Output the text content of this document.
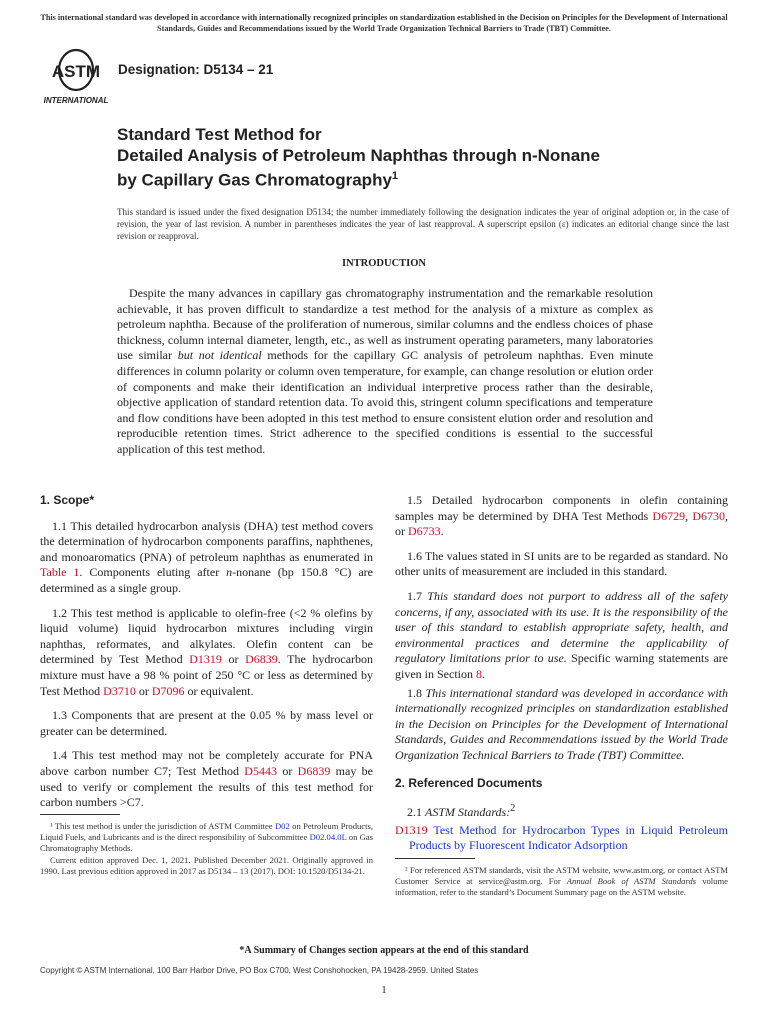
This international standard was developed in accordance with internationally recognized principles on standardization established in the Decision on Principles for the Development of International Standards, Guides and Recommendations issued by the World Trade Organization Technical Barriers to Trade (TBT) Committee.
ASTM
INTERNATIONAL
Designation: D5134 – 21
Standard Test Method for
Detailed Analysis of Petroleum Naphthas through n-Nonane
by Capillary Gas Chromatography$^1$
This standard is issued under the fixed designation D5134; the number immediately following the designation indicates the year of original adoption or, in the case of revision, the year of last revision. A number in parentheses indicates the year of last reapproval. A superscript epsilon (ε) indicates an editorial change since the last revision or reapproval.
INTRODUCTION
Despite the many advances in capillary gas chromatography instrumentation and the remarkable resolution achievable, it has proven difficult to standardize a test method for the analysis of a mixture as complex as petroleum naphtha. Because of the proliferation of numerous, similar columns and the endless choices of phase thickness, column internal diameter, length, etc., as well as instrument operating parameters, many laboratories use similar but not identical methods for the capillary GC analysis of petroleum naphthas. Even minute differences in column polarity or column oven temperature, for example, can change resolution or elution order of components and make their identification an individual interpretive process rather than the desirable, objective application of standard retention data. To avoid this, stringent column specifications and temperature and flow conditions have been adopted in this test method to ensure consistent elution order and resolution and reproducible retention times. Strict adherence to the specified conditions is essential to the successful application of this test method.
1. Scope*

1.1 This detailed hydrocarbon analysis (DHA) test method covers the determination of hydrocarbon components paraffins, naphthenes, and monoaromatics (PNA) of petroleum naphthas as enumerated in Table 1. Components eluting after n-nonane (bp 150.8 °C) are determined as a single group.

1.2 This test method is applicable to olefin-free (<2 % olefins by liquid volume) liquid hydrocarbon mixtures including virgin naphthas, reformates, and alkylates. Olefin content can be determined by Test Method D1319 or D6839. The hydrocarbon mixture must have a 98 % point of 250 °C or less as determined by Test Method D3710 or D7096 or equivalent.

1.3 Components that are present at the 0.05 % by mass level or greater can be determined.

1.4 This test method may not be completely accurate for PNA above carbon number C7; Test Method D5443 or D6839 may be used to verify or complement the results of this test method for carbon numbers >C7.

¹ This test method is under the jurisdiction of ASTM Committee D02 on Petroleum Products, Liquid Fuels, and Lubricants and is the direct responsibility of Subcommittee D02.04.0L on Gas Chromatography Methods.

Current edition approved Dec. 1, 2021. Published December 2021. Originally approved in 1990. Last previous edition approved in 2017 as D5134 – 13 (2017). DOI: 10.1520/D5134-21.

1.5 Detailed hydrocarbon components in olefin containing samples may be determined by DHA Test Methods D6729, D6730, or D6733.

1.6 The values stated in SI units are to be regarded as standard. No other units of measurement are included in this standard.

1.7 This standard does not purport to address all of the safety concerns, if any, associated with its use. It is the responsibility of the user of this standard to establish appropriate safety, health, and environmental practices and determine the applicability of regulatory limitations prior to use. Specific warning statements are given in Section 8.

1.8 This international standard was developed in accordance with internationally recognized principles on standardization established in the Decision on Principles for the Development of International Standards, Guides and Recommendations issued by the World Trade Organization Technical Barriers to Trade (TBT) Committee.

2. Referenced Documents

2.1 ASTM Standards:$^2$

D1319 Test Method for Hydrocarbon Types in Liquid Petroleum Products by Fluorescent Indicator Adsorption

² For referenced ASTM standards, visit the ASTM website, www.astm.org, or contact ASTM Customer Service at service@astm.org. For Annual Book of ASTM Standards volume information, refer to the standard’s Document Summary page on the ASTM website.

*A Summary of Changes section appears at the end of this standard
Copyright © ASTM International, 100 Barr Harbor Drive, PO Box C700, West Conshohocken, PA 19428-2959. United States
1
